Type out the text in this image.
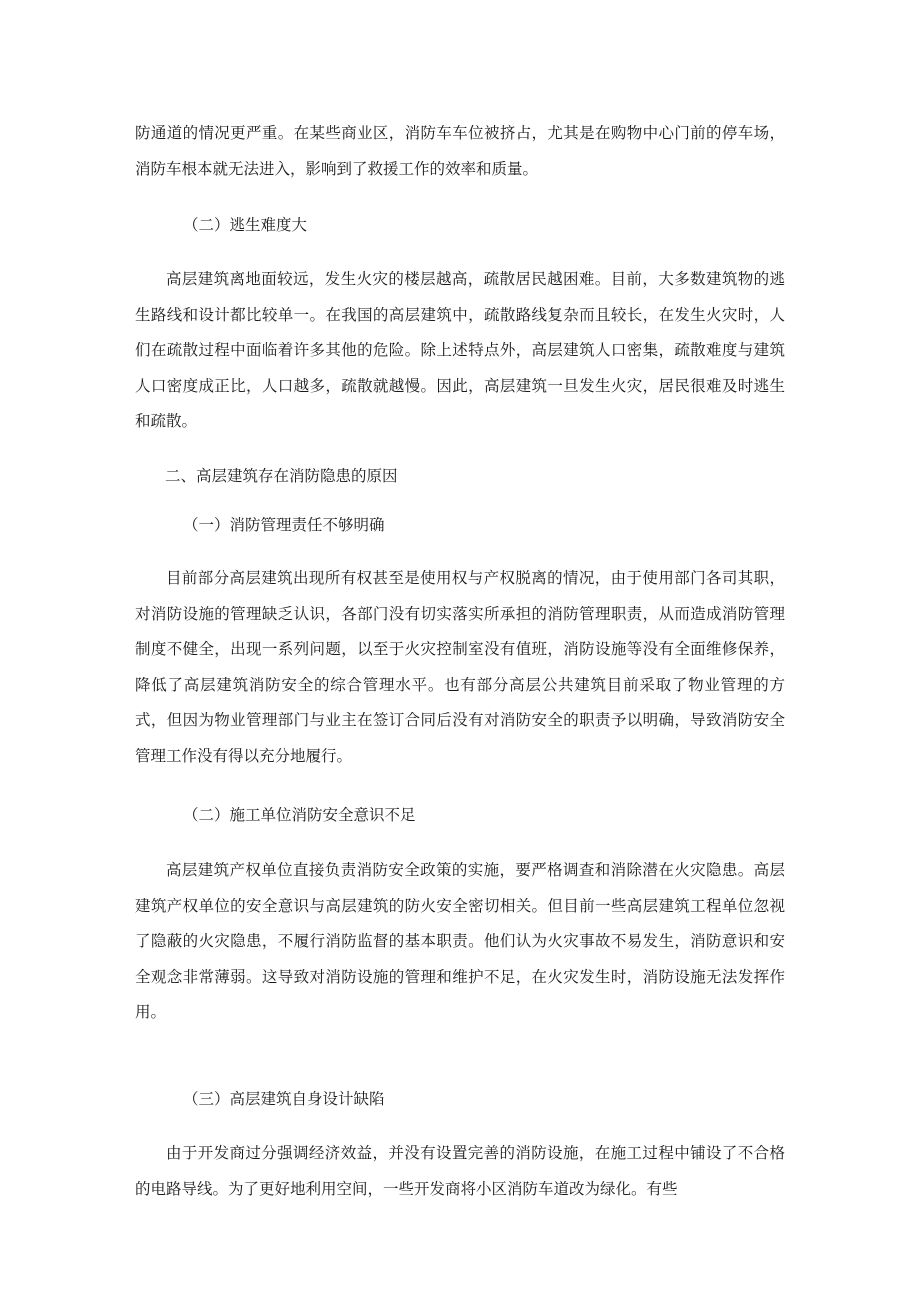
防通道的情况更严重。在某些商业区，消防车车位被挤占，尤其是在购物中心门前的停车场，消防车根本就无法进入，影响到了救援工作的效率和质量。
（二）逃生难度大
高层建筑离地面较远，发生火灾的楼层越高，疏散居民越困难。目前，大多数建筑物的逃生路线和设计都比较单一。在我国的高层建筑中，疏散路线复杂而且较长，在发生火灾时，人们在疏散过程中面临着许多其他的危险。除上述特点外，高层建筑人口密集，疏散难度与建筑人口密度成正比，人口越多，疏散就越慢。因此，高层建筑一旦发生火灾，居民很难及时逃生和疏散。
二、高层建筑存在消防隐患的原因
（一）消防管理责任不够明确
目前部分高层建筑出现所有权甚至是使用权与产权脱离的情况，由于使用部门各司其职，对消防设施的管理缺乏认识，各部门没有切实落实所承担的消防管理职责，从而造成消防管理制度不健全，出现一系列问题，以至于火灾控制室没有值班，消防设施等没有全面维修保养，降低了高层建筑消防安全的综合管理水平。也有部分高层公共建筑目前采取了物业管理的方式，但因为物业管理部门与业主在签订合同后没有对消防安全的职责予以明确，导致消防安全管理工作没有得以充分地履行。
（二）施工单位消防安全意识不足
高层建筑产权单位直接负责消防安全政策的实施，要严格调查和消除潜在火灾隐患。高层建筑产权单位的安全意识与高层建筑的防火安全密切相关。但目前一些高层建筑工程单位忽视了隐蔽的火灾隐患，不履行消防监督的基本职责。他们认为火灾事故不易发生，消防意识和安全观念非常薄弱。这导致对消防设施的管理和维护不足，在火灾发生时，消防设施无法发挥作用。
（三）高层建筑自身设计缺陷
由于开发商过分强调经济效益，并没有设置完善的消防设施，在施工过程中铺设了不合格的电路导线。为了更好地利用空间，一些开发商将小区消防车道改为绿化。有些
